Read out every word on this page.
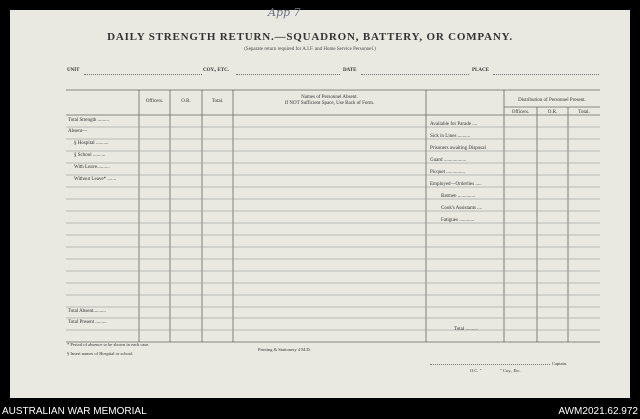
App 7
DAILY STRENGTH RETURN.—SQUADRON, BATTERY, OR COMPANY.
(Separate return required for A.I.F. and Home Service Personnel.)
UNIT	COY., ETC.	DATE	PLACE
Officers.	O.R.	Total.
Names of Personnel Absent.
If NOT Sufficient Space, Use Back of Form.
Distribution of Personnel Present.
Officers.	O.R.	Total.
Total Strength .........
Absent—
§ Hospital ..........
§ School ..........
With Leave..........
Without Leave* .......
Total Absent..........
Total Present .........
Available for Parade ....
Sick in Lines ..........
Prisoners awaiting Disposal
Guard ..................
Picquet ...............
Employed—Orderlies .....
Batmen ..............
Cook's Assistants ....
Fatigues ............
Total ..........
* Period of absence to be shown in each case.
§ Insert names of Hospital or school.
Printing & Stationery 4 M.D.
Captain.
O.C. "	" Coy., Etc.
AUSTRALIAN WAR MEMORIAL	AWM2021.62.972
